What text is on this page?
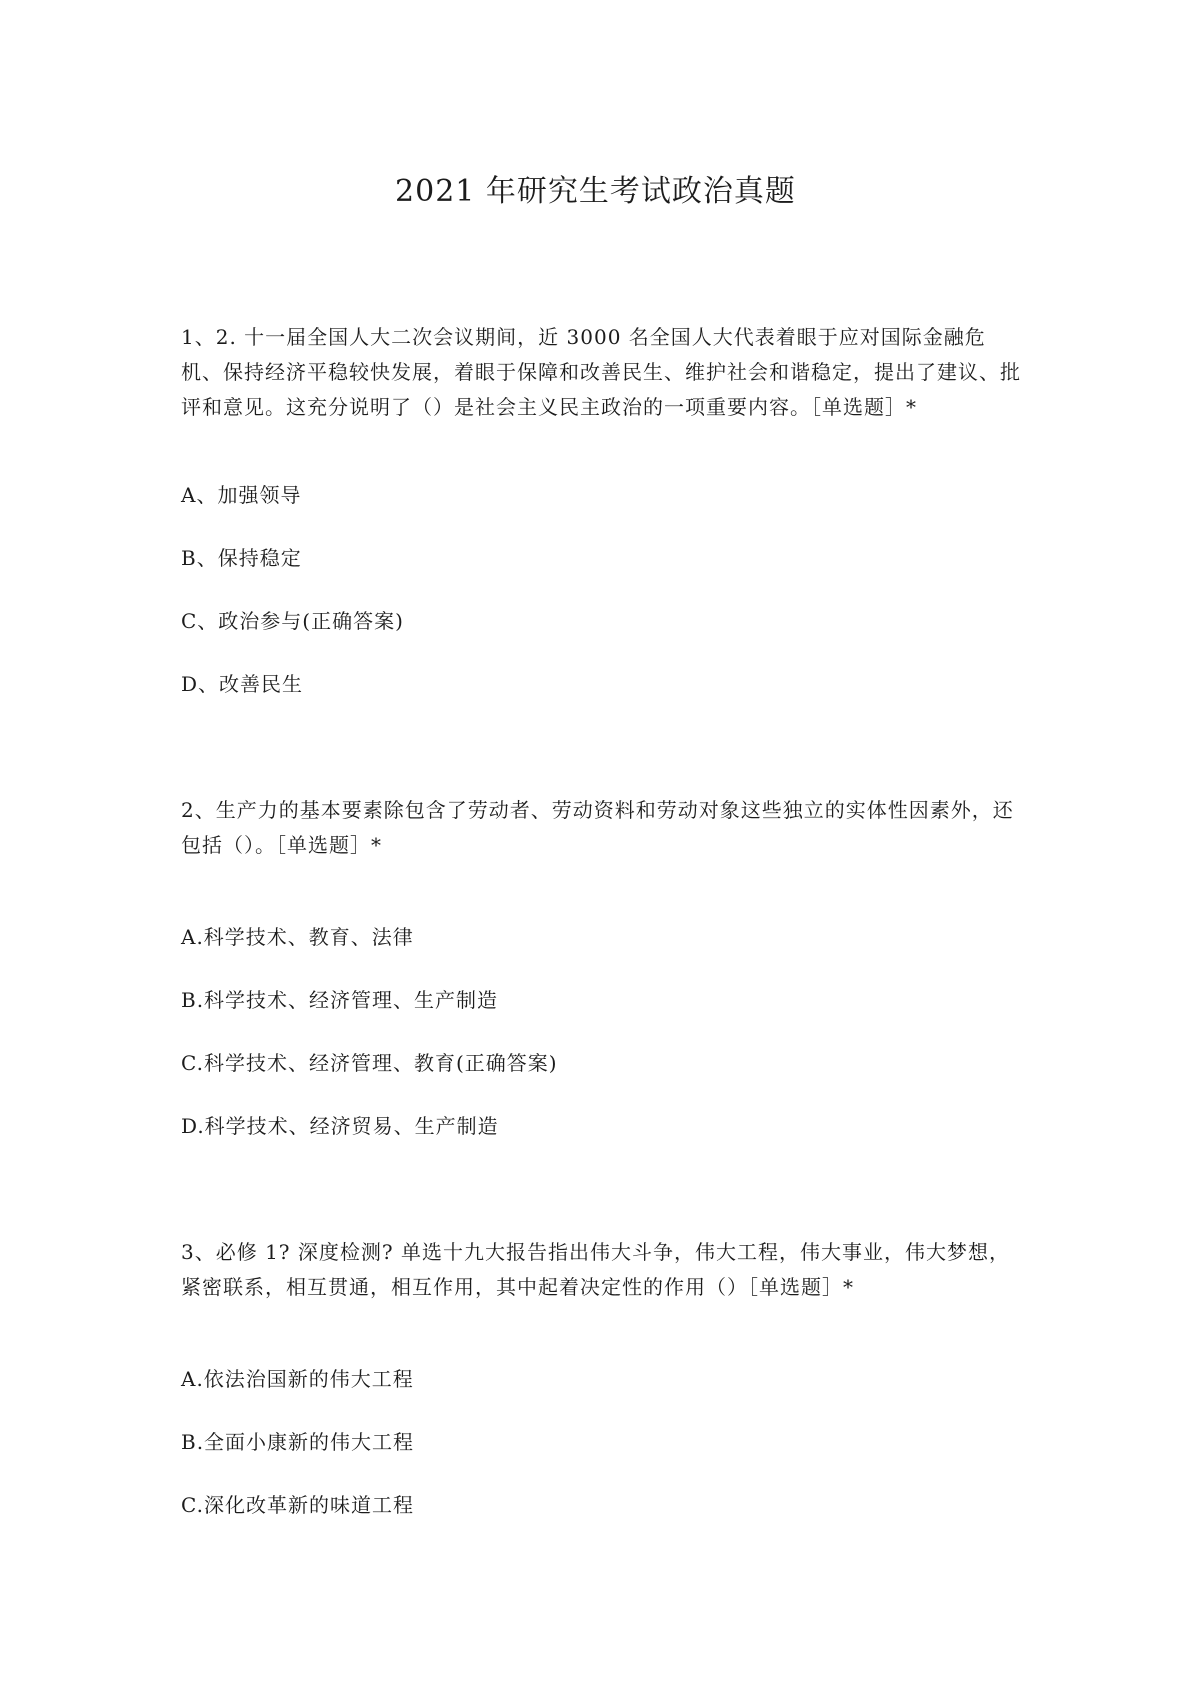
2021 年研究生考试政治真题
1、2. 十一届全国人大二次会议期间，近 3000 名全国人大代表着眼于应对国际金融危机、保持经济平稳较快发展，着眼于保障和改善民生、维护社会和谐稳定，提出了建议、批评和意见。这充分说明了（）是社会主义民主政治的一项重要内容。［单选题］*
A、加强领导
B、保持稳定
C、政治参与(正确答案)
D、改善民生
2、生产力的基本要素除包含了劳动者、劳动资料和劳动对象这些独立的实体性因素外，还包括（）。［单选题］*
A.科学技术、教育、法律
B.科学技术、经济管理、生产制造
C.科学技术、经济管理、教育(正确答案)
D.科学技术、经济贸易、生产制造
3、必修 1? 深度检测? 单选十九大报告指出伟大斗争，伟大工程，伟大事业，伟大梦想，紧密联系，相互贯通，相互作用，其中起着决定性的作用（）［单选题］*
A.依法治国新的伟大工程
B.全面小康新的伟大工程
C.深化改革新的味道工程
